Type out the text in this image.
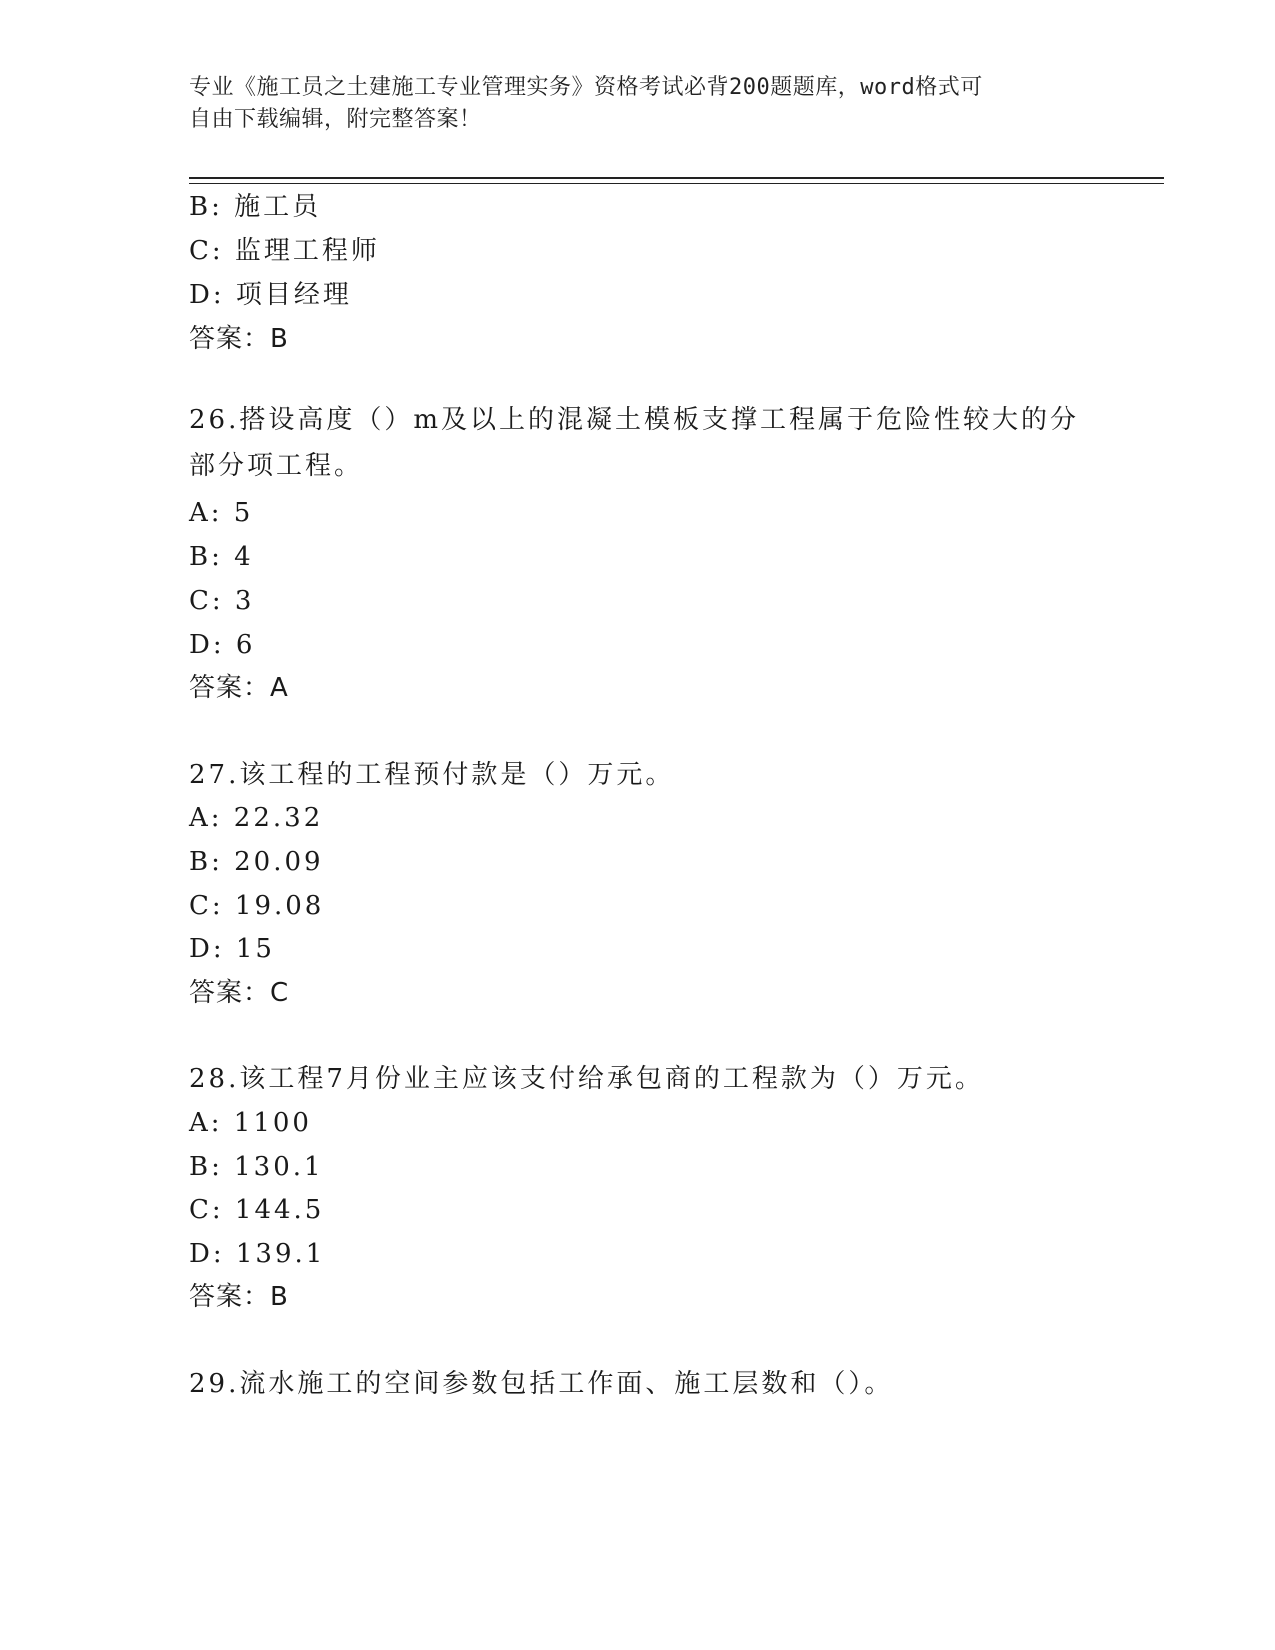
专业《施工员之土建施工专业管理实务》资格考试必背200题题库，word格式可
自由下载编辑，附完整答案！
B: 施工员
C: 监理工程师
D: 项目经理
答案：B
26.搭设高度（）m及以上的混凝土模板支撑工程属于危险性较大的分部分项工程。
A: 5
B: 4
C: 3
D: 6
答案：A
27.该工程的工程预付款是（）万元。
A: 22.32
B: 20.09
C: 19.08
D: 15
答案：C
28.该工程7月份业主应该支付给承包商的工程款为（）万元。
A: 1100
B: 130.1
C: 144.5
D: 139.1
答案：B
29.流水施工的空间参数包括工作面、施工层数和（）。
